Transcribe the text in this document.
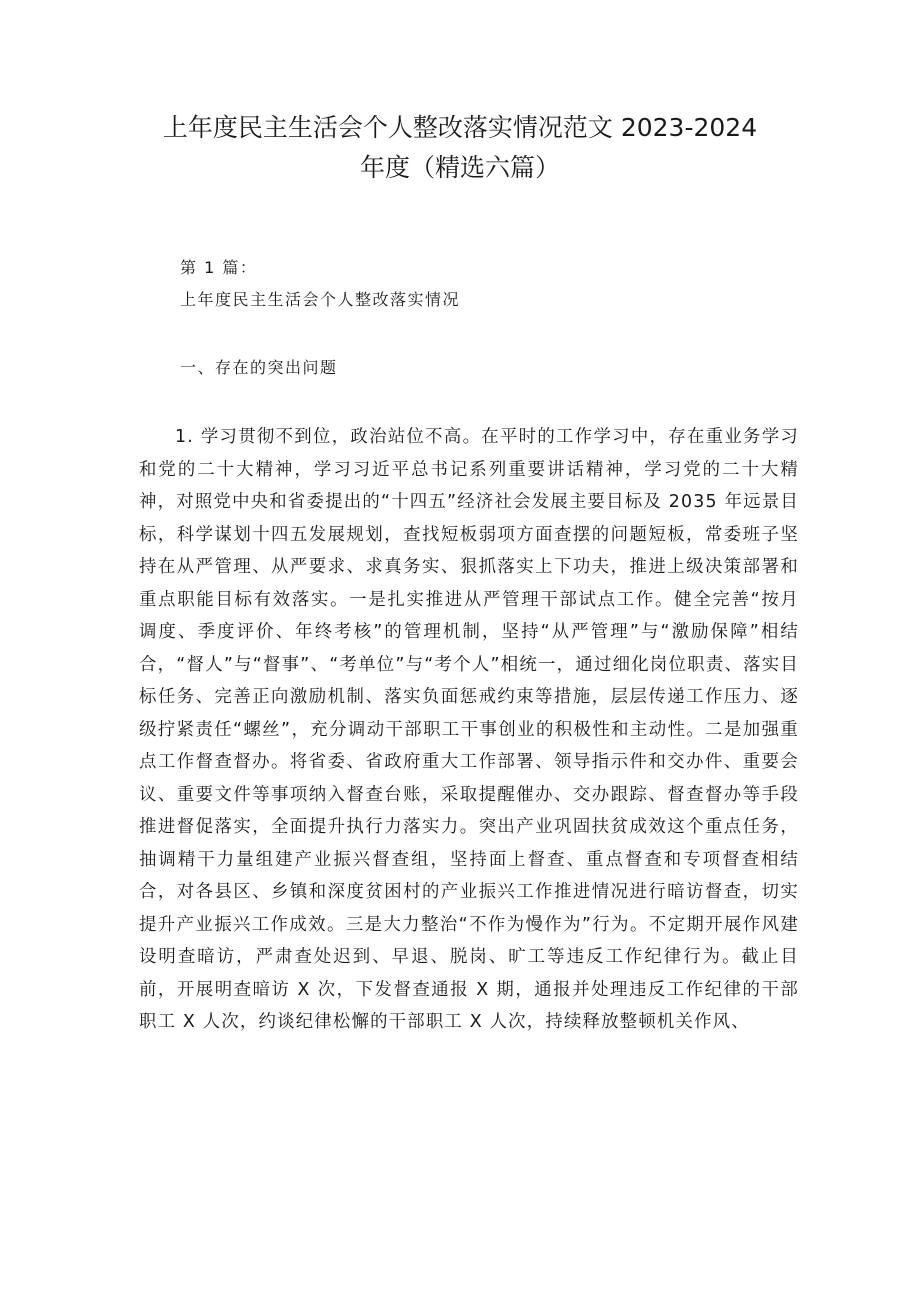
上年度民主生活会个人整改落实情况范文 2023-2024
年度（精选六篇）

第 1 篇：

上年度民主生活会个人整改落实情况

一、存在的突出问题

1. 学习贯彻不到位，政治站位不高。在平时的工作学习中，存在重业务学习和党的二十大精神，学习习近平总书记系列重要讲话精神，学习党的二十大精神，对照党中央和省委提出的“十四五”经济社会发展主要目标及 2035 年远景目标，科学谋划十四五发展规划，查找短板弱项方面查摆的问题短板，常委班子坚持在从严管理、从严要求、求真务实、狠抓落实上下功夫，推进上级决策部署和重点职能目标有效落实。一是扎实推进从严管理干部试点工作。健全完善“按月调度、季度评价、年终考核”的管理机制，坚持“从严管理”与“激励保障”相结合，“督人”与“督事”、“考单位”与“考个人”相统一，通过细化岗位职责、落实目标任务、完善正向激励机制、落实负面惩戒约束等措施，层层传递工作压力、逐级拧紧责任“螺丝”，充分调动干部职工干事创业的积极性和主动性。二是加强重点工作督查督办。将省委、省政府重大工作部署、领导指示件和交办件、重要会议、重要文件等事项纳入督查台账，采取提醒催办、交办跟踪、督查督办等手段推进督促落实，全面提升执行力落实力。突出产业巩固扶贫成效这个重点任务，抽调精干力量组建产业振兴督查组，坚持面上督查、重点督查和专项督查相结合，对各县区、乡镇和深度贫困村的产业振兴工作推进情况进行暗访督查，切实提升产业振兴工作成效。三是大力整治“不作为慢作为”行为。不定期开展作风建设明查暗访，严肃查处迟到、早退、脱岗、旷工等违反工作纪律行为。截止目前，开展明查暗访 X 次，下发督查通报 X 期，通报并处理违反工作纪律的干部职工 X 人次，约谈纪律松懈的干部职工 X 人次，持续释放整顿机关作风、
